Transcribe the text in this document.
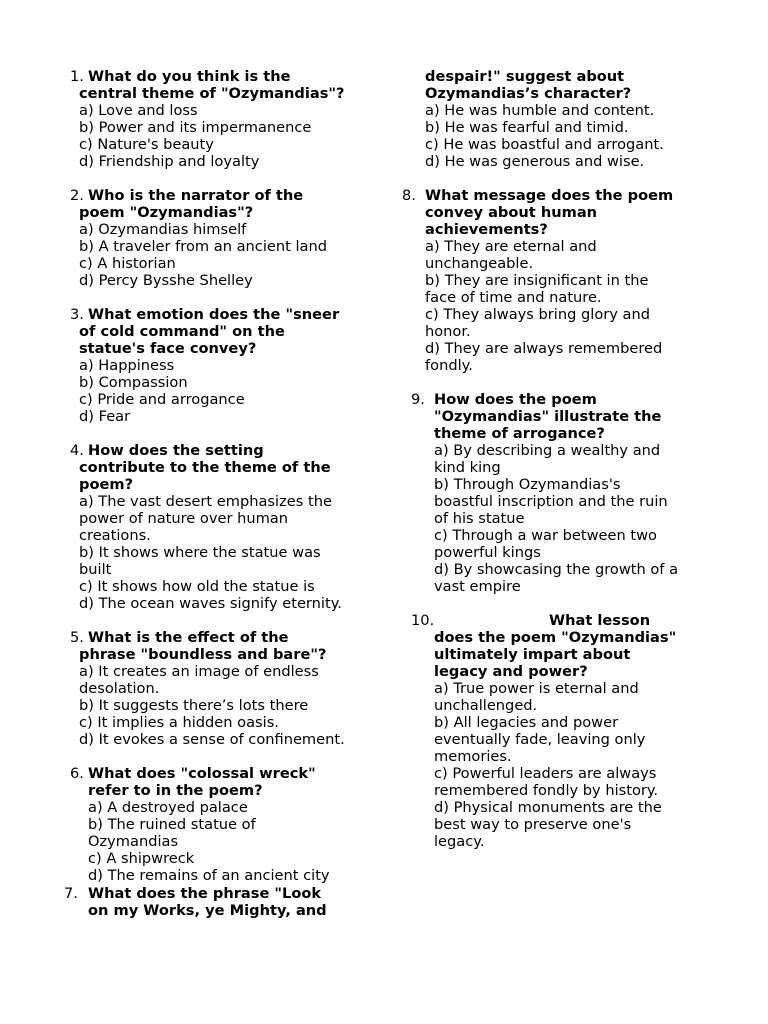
1. What do you think is the
central theme of "Ozymandias"?
a) Love and loss
b) Power and its impermanence
c) Nature's beauty
d) Friendship and loyalty
2. Who is the narrator of the
poem "Ozymandias"?
a) Ozymandias himself
b) A traveler from an ancient land
c) A historian
d) Percy Bysshe Shelley
3. What emotion does the "sneer
of cold command" on the
statue's face convey?
a) Happiness
b) Compassion
c) Pride and arrogance
d) Fear
4. How does the setting
contribute to the theme of the
poem?
a) The vast desert emphasizes the
power of nature over human
creations.
b) It shows where the statue was
built
c) It shows how old the statue is
d) The ocean waves signify eternity.
5. What is the effect of the
phrase "boundless and bare"?
a) It creates an image of endless
desolation.
b) It suggests there’s lots there
c) It implies a hidden oasis.
d) It evokes a sense of confinement.
6. What does "colossal wreck"
refer to in the poem?
a) A destroyed palace
b) The ruined statue of
Ozymandias
c) A shipwreck
d) The remains of an ancient city
7. What does the phrase "Look
on my Works, ye Mighty, and
despair!" suggest about
Ozymandias’s character?
a) He was humble and content.
b) He was fearful and timid.
c) He was boastful and arrogant.
d) He was generous and wise.
8. What message does the poem
convey about human
achievements?
a) They are eternal and
unchangeable.
b) They are insignificant in the
face of time and nature.
c) They always bring glory and
honor.
d) They are always remembered
fondly.
9. How does the poem
"Ozymandias" illustrate the
theme of arrogance?
a) By describing a wealthy and
kind king
b) Through Ozymandias's
boastful inscription and the ruin
of his statue
c) Through a war between two
powerful kings
d) By showcasing the growth of a
vast empire
10.	What lesson
does the poem "Ozymandias"
ultimately impart about
legacy and power?
a) True power is eternal and
unchallenged.
b) All legacies and power
eventually fade, leaving only
memories.
c) Powerful leaders are always
remembered fondly by history.
d) Physical monuments are the
best way to preserve one's
legacy.
